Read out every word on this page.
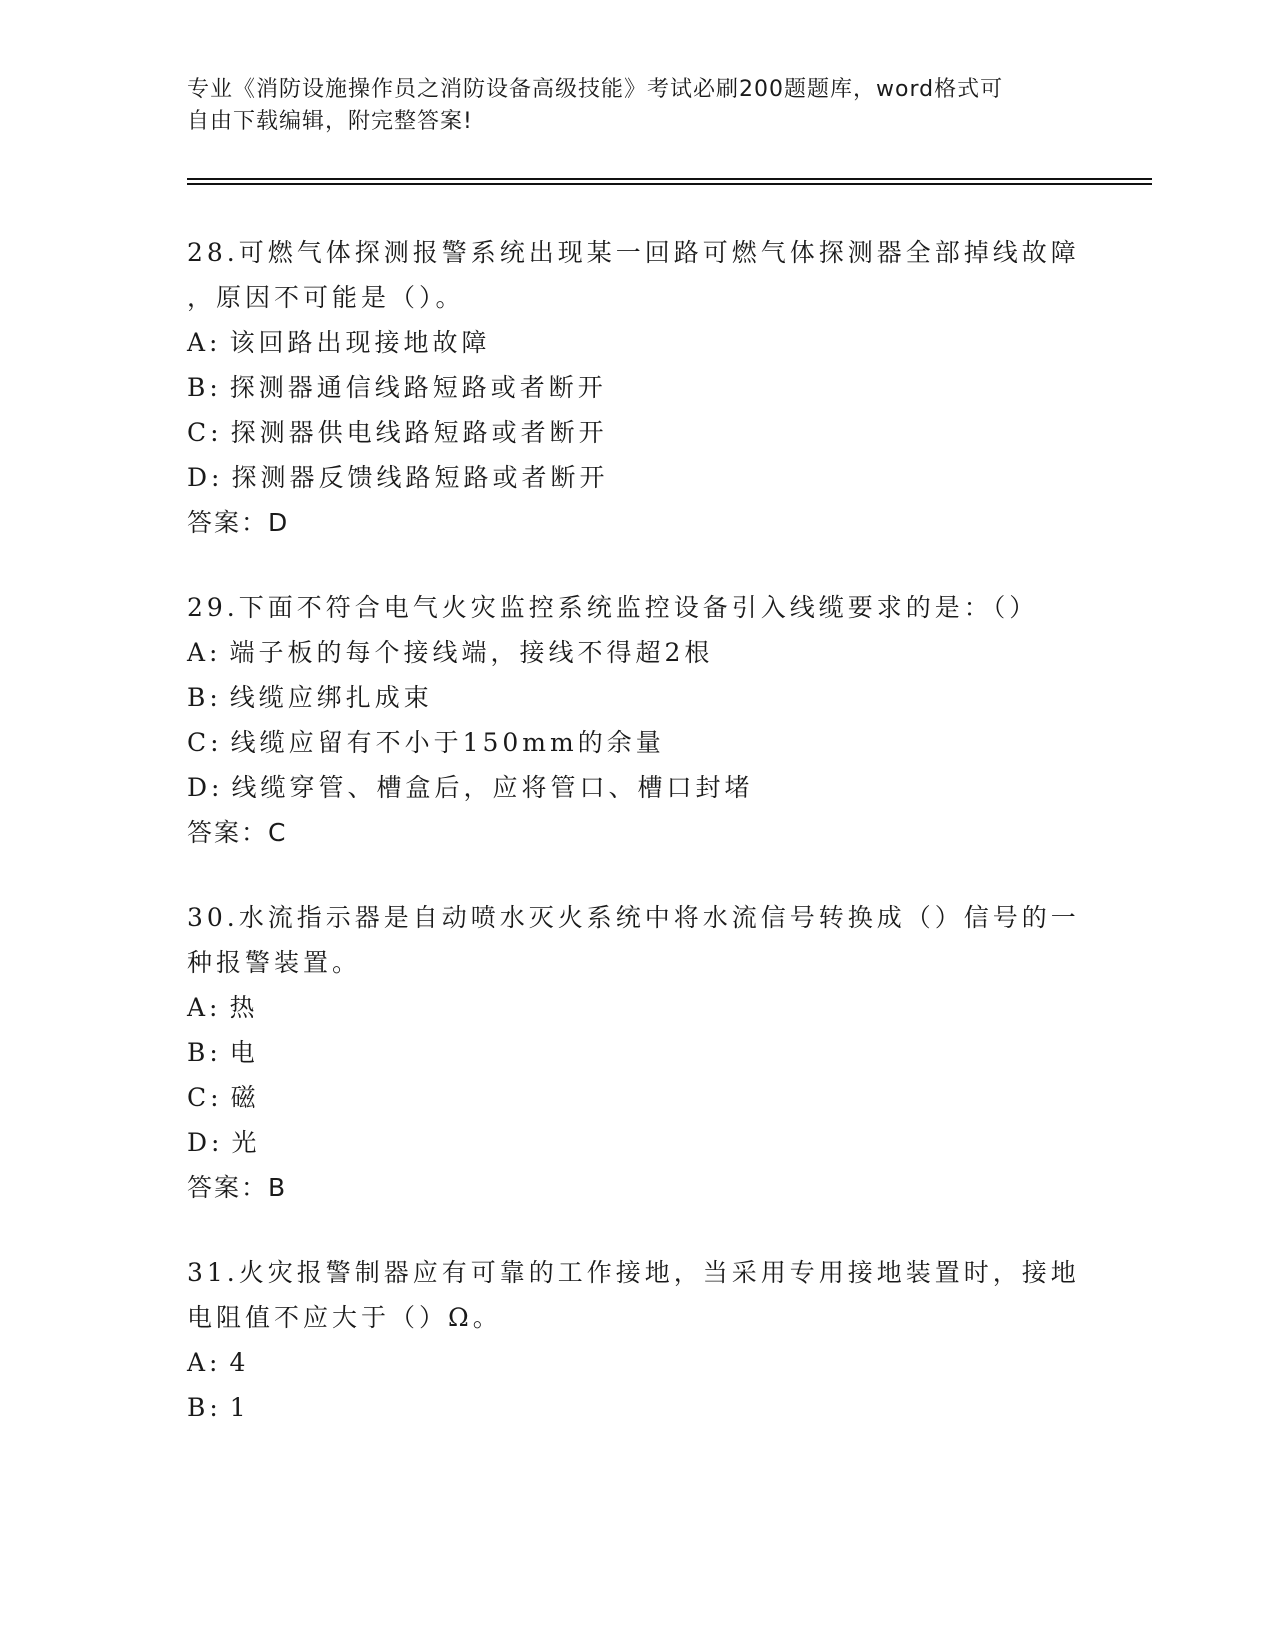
专业《消防设施操作员之消防设备高级技能》考试必刷200题题库，word格式可
自由下载编辑，附完整答案!

28.可燃气体探测报警系统出现某一回路可燃气体探测器全部掉线故障
，原因不可能是（）。

A: 该回路出现接地故障

B: 探测器通信线路短路或者断开

C: 探测器供电线路短路或者断开

D: 探测器反馈线路短路或者断开

答案：D

29.下面不符合电气火灾监控系统监控设备引入线缆要求的是：（）

A: 端子板的每个接线端，接线不得超2根

B: 线缆应绑扎成束

C: 线缆应留有不小于150mm的余量

D: 线缆穿管、槽盒后，应将管口、槽口封堵

答案：C

30.水流指示器是自动喷水灭火系统中将水流信号转换成（）信号的一
种报警装置。

A: 热

B: 电

C: 磁

D: 光

答案：B

31.火灾报警制器应有可靠的工作接地，当采用专用接地装置时，接地
电阻值不应大于（）Ω。

A: 4

B: 1
